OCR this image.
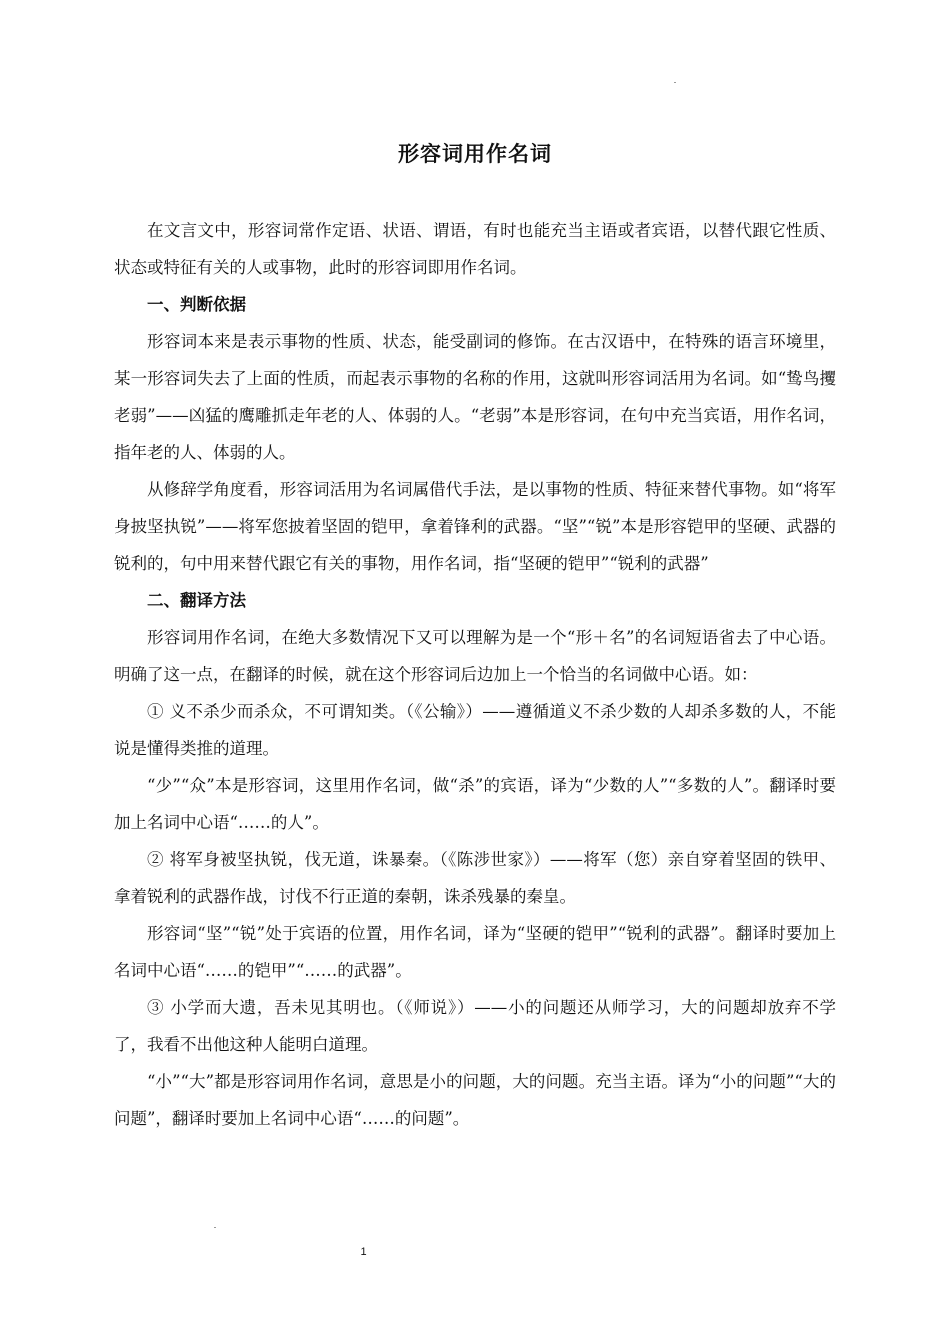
形容词用作名词

在文言文中，形容词常作定语、状语、谓语，有时也能充当主语或者宾语，以替代跟它性质、状态或特征有关的人或事物，此时的形容词即用作名词。

一、判断依据

形容词本来是表示事物的性质、状态，能受副词的修饰。在古汉语中，在特殊的语言环境里，某一形容词失去了上面的性质，而起表示事物的名称的作用，这就叫形容词活用为名词。如“鸷鸟攫老弱”——凶猛的鹰雕抓走年老的人、体弱的人。“老弱”本是形容词，在句中充当宾语，用作名词，指年老的人、体弱的人。

从修辞学角度看，形容词活用为名词属借代手法，是以事物的性质、特征来替代事物。如“将军身披坚执锐”——将军您披着坚固的铠甲，拿着锋利的武器。“坚”“锐”本是形容铠甲的坚硬、武器的锐利的，句中用来替代跟它有关的事物，用作名词，指“坚硬的铠甲”“锐利的武器”

二、翻译方法

形容词用作名词，在绝大多数情况下又可以理解为是一个“形＋名”的名词短语省去了中心语。明确了这一点，在翻译的时候，就在这个形容词后边加上一个恰当的名词做中心语。如：

① 义不杀少而杀众，不可谓知类。（《公输》）——遵循道义不杀少数的人却杀多数的人，不能说是懂得类推的道理。

“少”“众”本是形容词，这里用作名词，做“杀”的宾语，译为“少数的人”“多数的人”。翻译时要加上名词中心语“……的人”。

② 将军身被坚执锐，伐无道，诛暴秦。（《陈涉世家》）——将军（您）亲自穿着坚固的铁甲、拿着锐利的武器作战，讨伐不行正道的秦朝，诛杀残暴的秦皇。

形容词“坚”“锐”处于宾语的位置，用作名词，译为“坚硬的铠甲”“锐利的武器”。翻译时要加上名词中心语“……的铠甲”“……的武器”。

③ 小学而大遗，吾未见其明也。（《师说》）——小的问题还从师学习，大的问题却放弃不学了，我看不出他这种人能明白道理。

“小”“大”都是形容词用作名词，意思是小的问题，大的问题。充当主语。译为“小的问题”“大的问题”，翻译时要加上名词中心语“……的问题”。

1
